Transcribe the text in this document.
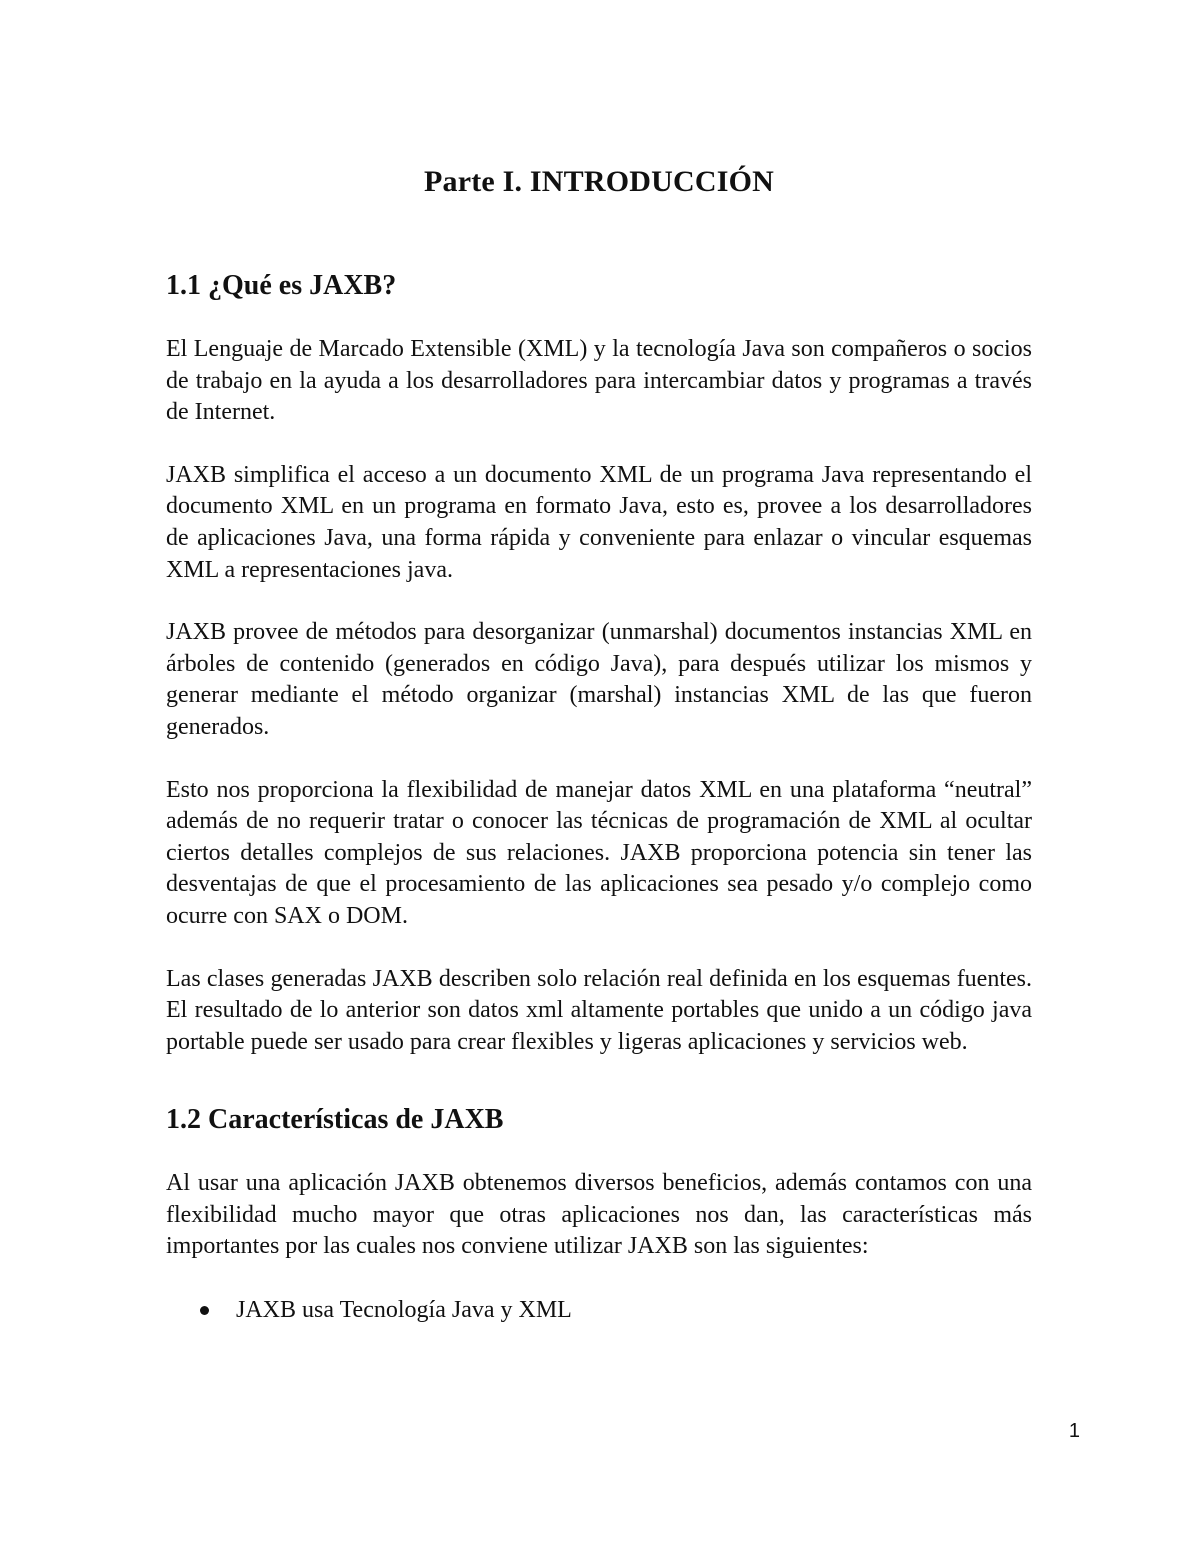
Parte I. INTRODUCCIÓN
1.1 ¿Qué es JAXB?

El Lenguaje de Marcado Extensible (XML) y la tecnología Java son compañeros o socios de trabajo en la ayuda a los desarrolladores para intercambiar datos y programas a través de Internet.

JAXB simplifica el acceso a un documento XML de un programa Java representando el documento XML en un programa en formato Java, esto es, provee a los desarrolladores de aplicaciones Java, una forma rápida y conveniente para enlazar o vincular esquemas XML a representaciones java.

JAXB provee de métodos para desorganizar (unmarshal) documentos instancias XML en árboles de contenido (generados en código Java), para después utilizar los mismos y generar mediante el método organizar (marshal) instancias XML de las que fueron generados.

Esto nos proporciona la flexibilidad de manejar datos XML en una plataforma “neutral” además de no requerir tratar o conocer las técnicas de programación de XML al ocultar ciertos detalles complejos de sus relaciones. JAXB proporciona potencia sin tener las desventajas de que el procesamiento de las aplicaciones sea pesado y/o complejo como ocurre con SAX o DOM.

Las clases generadas JAXB describen solo relación real definida en los esquemas fuentes. El resultado de lo anterior son datos xml altamente portables que unido a un código java portable puede ser usado para crear flexibles y ligeras aplicaciones y servicios web.

1.2 Características de JAXB

Al usar una aplicación JAXB obtenemos diversos beneficios, además contamos con una flexibilidad mucho mayor que otras aplicaciones nos dan, las características más importantes por las cuales nos conviene utilizar JAXB son las siguientes:

JAXB usa Tecnología Java y XML
1
